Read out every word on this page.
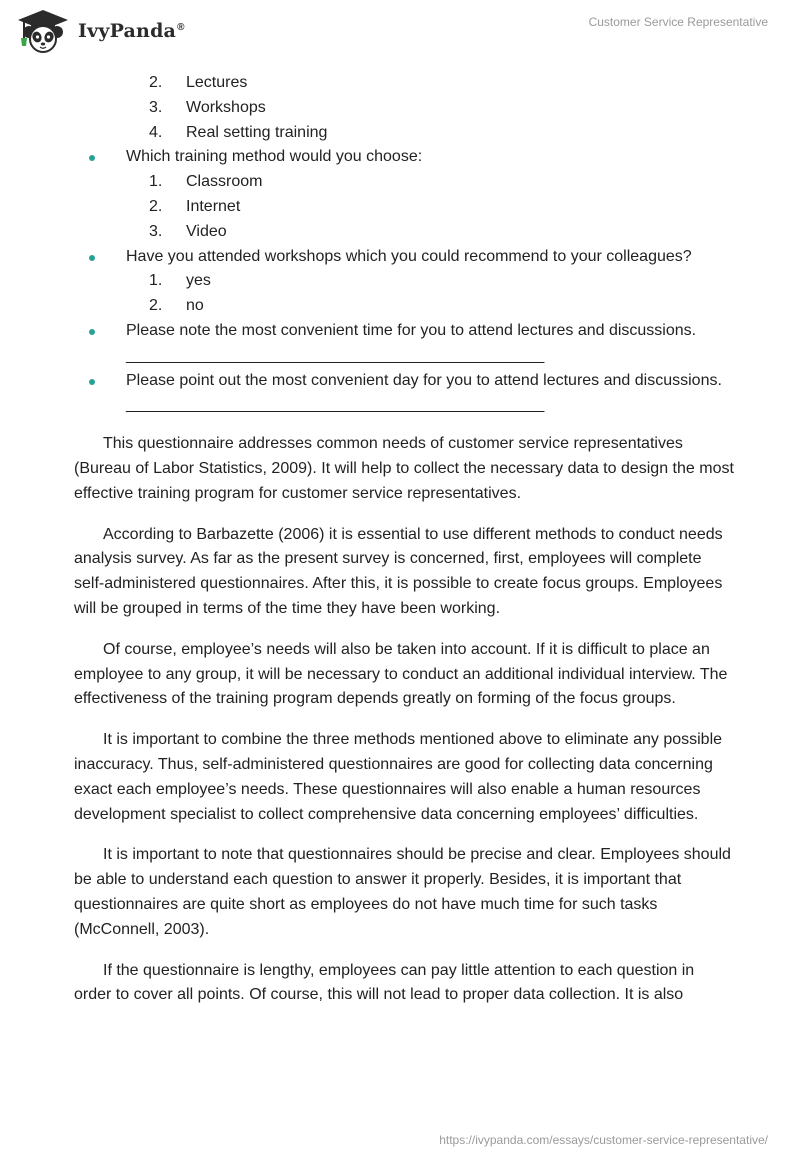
IvyPanda®	Customer Service Representative
2. Lectures
3. Workshops
4. Real setting training
Which training method would you choose:
1. Classroom
2. Internet
3. Video
Have you attended workshops which you could recommend to your colleagues?
1. yes
2. no
Please note the most convenient time for you to attend lectures and discussions. _______________________________________________
Please point out the most convenient day for you to attend lectures and discussions. _______________________________________________

This questionnaire addresses common needs of customer service representatives (Bureau of Labor Statistics, 2009). It will help to collect the necessary data to design the most effective training program for customer service representatives.

According to Barbazette (2006) it is essential to use different methods to conduct needs analysis survey. As far as the present survey is concerned, first, employees will complete self-administered questionnaires. After this, it is possible to create focus groups. Employees will be grouped in terms of the time they have been working.

Of course, employee’s needs will also be taken into account. If it is difficult to place an employee to any group, it will be necessary to conduct an additional individual interview. The effectiveness of the training program depends greatly on forming of the focus groups.

It is important to combine the three methods mentioned above to eliminate any possible inaccuracy. Thus, self-administered questionnaires are good for collecting data concerning exact each employee’s needs. These questionnaires will also enable a human resources development specialist to collect comprehensive data concerning employees’ difficulties.

It is important to note that questionnaires should be precise and clear. Employees should be able to understand each question to answer it properly. Besides, it is important that questionnaires are quite short as employees do not have much time for such tasks (McConnell, 2003).

If the questionnaire is lengthy, employees can pay little attention to each question in order to cover all points. Of course, this will not lead to proper data collection. It is also

https://ivypanda.com/essays/customer-service-representative/
